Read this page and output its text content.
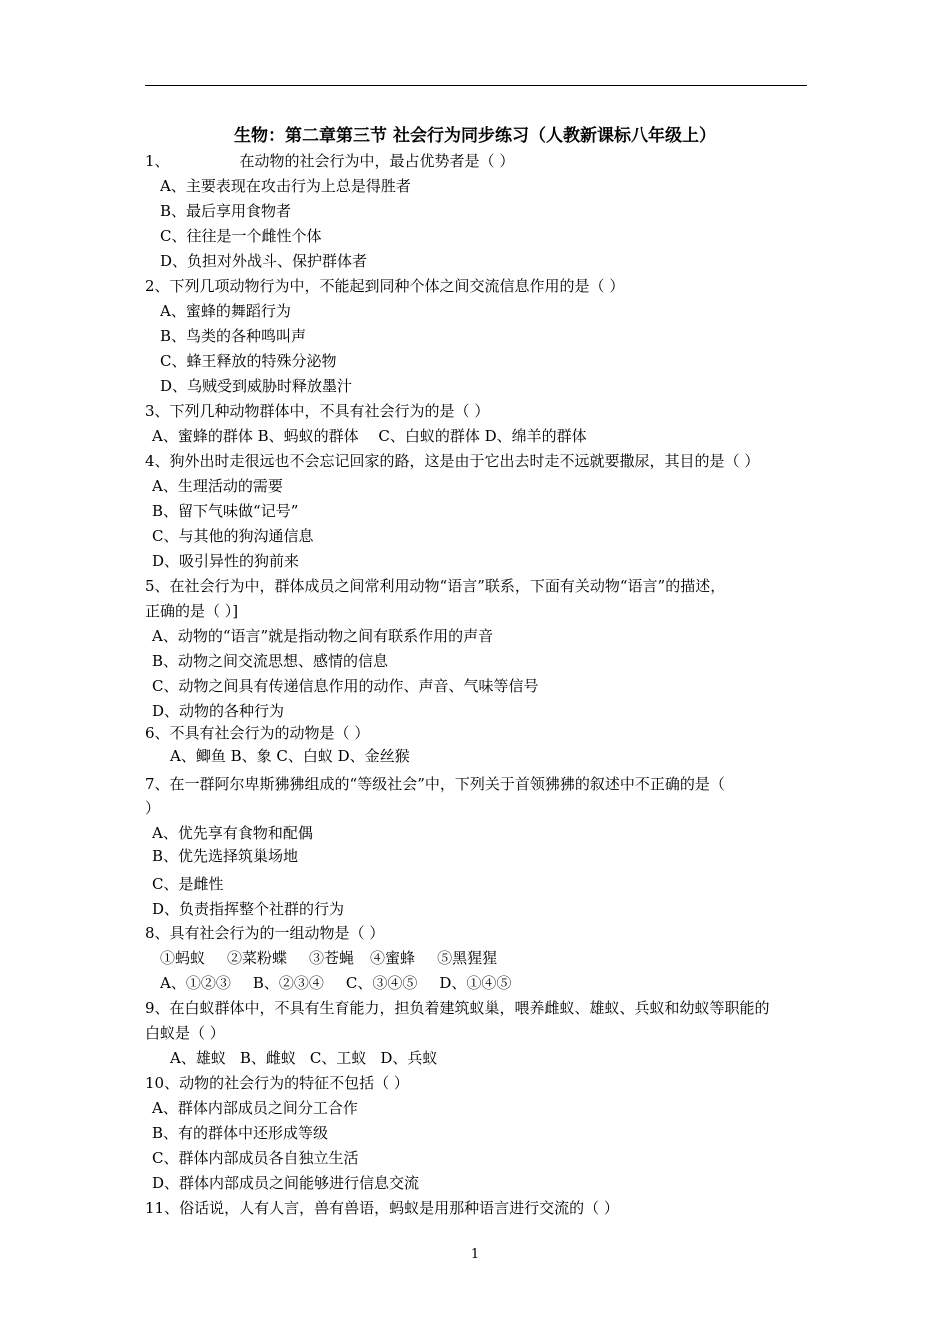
生物：第二章第三节 社会行为同步练习（人教新课标八年级上）
1、	在动物的社会行为中，最占优势者是（ ）
A、主要表现在攻击行为上总是得胜者
B、最后享用食物者
C、往往是一个雌性个体
D、负担对外战斗、保护群体者
2、下列几项动物行为中，不能起到同种个体之间交流信息作用的是（ ）
A、蜜蜂的舞蹈行为
B、鸟类的各种鸣叫声
C、蜂王释放的特殊分泌物
D、乌贼受到威胁时释放墨汁
3、下列几种动物群体中，不具有社会行为的是（ ）
A、蜜蜂的群体 B、蚂蚁的群体　 C、白蚁的群体 D、绵羊的群体
4、狗外出时走很远也不会忘记回家的路，这是由于它出去时走不远就要撒尿，其目的是（ ）
A、生理活动的需要
B、留下气味做“记号”
C、与其他的狗沟通信息
D、吸引异性的狗前来
5、在社会行为中，群体成员之间常利用动物“语言”联系，下面有关动物“语言”的描述，
正确的是（ ）]
A、动物的“语言”就是指动物之间有联系作用的声音
B、动物之间交流思想、感情的信息
C、动物之间具有传递信息作用的动作、声音、气味等信号
D、动物的各种行为
6、不具有社会行为的动物是（ ）
A、鲫鱼 B、象 C、白蚁 D、金丝猴
7、在一群阿尔卑斯狒狒组成的“等级社会”中，下列关于首领狒狒的叙述中不正确的是（
）
A、优先享有食物和配偶
B、优先选择筑巢场地
C、是雌性
D、负责指挥整个社群的行为
8、具有社会行为的一组动物是（ ）
①蚂蚁 ②菜粉蝶 ③苍蝇 ④蜜蜂 ⑤黑猩猩
A、①②③ B、②③④ C、③④⑤ D、①④⑤
9、在白蚁群体中，不具有生育能力，担负着建筑蚁巢，喂养雌蚁、雄蚁、兵蚁和幼蚁等职能的
白蚁是（ ）
A、雄蚁 B、雌蚁 C、工蚁 D、兵蚁
10、动物的社会行为的特征不包括（ ）
A、群体内部成员之间分工合作
B、有的群体中还形成等级
C、群体内部成员各自独立生活
D、群体内部成员之间能够进行信息交流
11、俗话说，人有人言，兽有兽语，蚂蚁是用那种语言进行交流的（ ）
1
